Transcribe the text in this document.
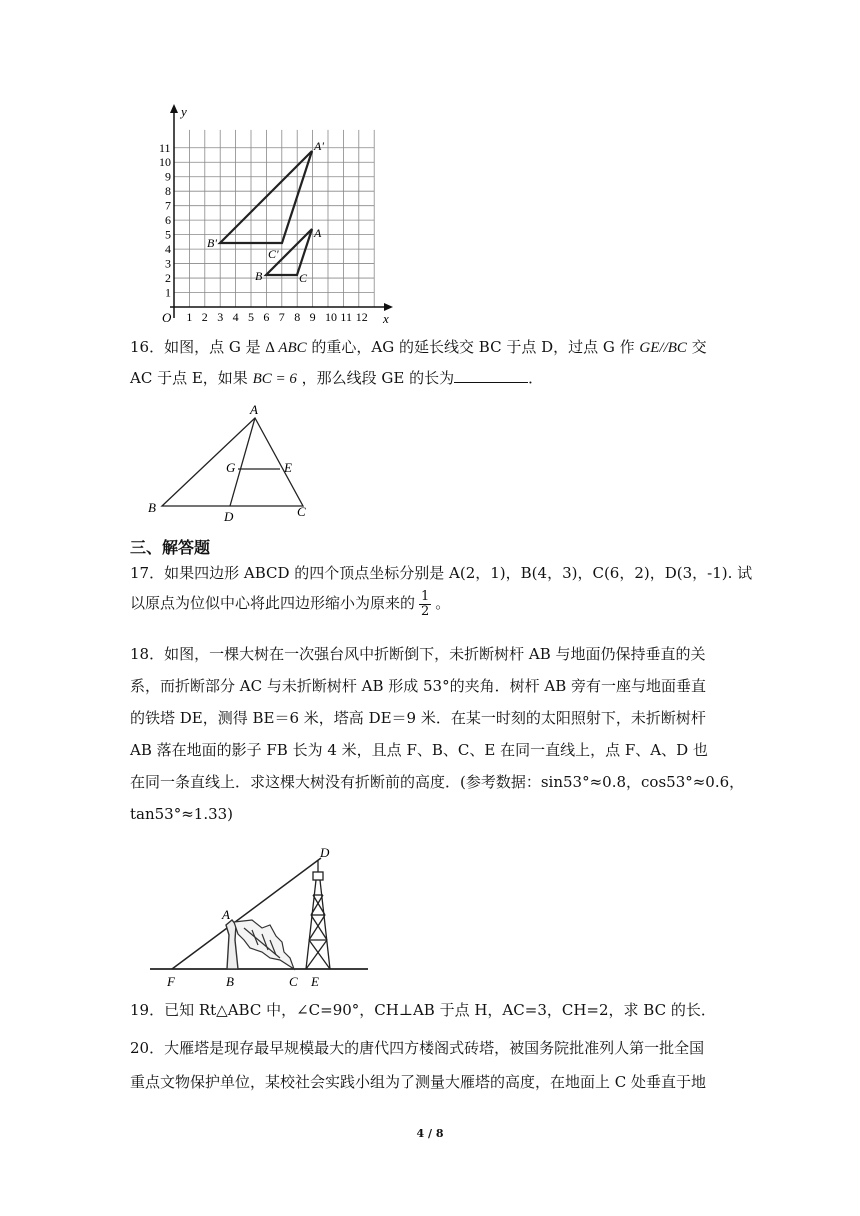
y
x
O 1 2 3 4 5 6 7 8 9 10 11 12
1
2
3
4
5
6
7
8
9
10
11	A'
B'
C'
A
B	C
16．如图，点 G 是 ∆ ABC 的重心，AG 的延长线交 BC 于点 D，过点 G 作 GE//BC 交
AC 于点 E，如果 BC = 6 ，那么线段 GE 的长为	．
A
G	E
B
D	C
三、解答题
17．如果四边形 ABCD 的四个顶点坐标分别是 A(2，1)，B(4，3)，C(6，2)，D(3，-1). 试
以原点为位似中心将此四边形缩小为原来的 $\frac{1}{2}$ 。
18．如图，一棵大树在一次强台风中折断倒下，未折断树杆 AB 与地面仍保持垂直的关
系，而折断部分 AC 与未折断树杆 AB 形成 53°的夹角．树杆 AB 旁有一座与地面垂直
的铁塔 DE，测得 BE＝6 米，塔高 DE＝9 米．在某一时刻的太阳照射下，未折断树杆
AB 落在地面的影子 FB 长为 4 米，且点 F、B、C、E 在同一直线上，点 F、A、D 也
在同一条直线上．求这棵大树没有折断前的高度．(参考数据：sin53°≈0.8，cos53°≈0.6，
tan53°≈1.33)
D
A
F	B	C E
19．已知 Rt△ABC 中，∠C=90°，CH⊥AB 于点 H，AC=3，CH=2，求 BC 的长．
20．大雁塔是现存最早规模最大的唐代四方楼阁式砖塔，被国务院批准列人第一批全国
重点文物保护单位，某校社会实践小组为了测量大雁塔的高度，在地面上 C 处垂直于地
4 / 8
